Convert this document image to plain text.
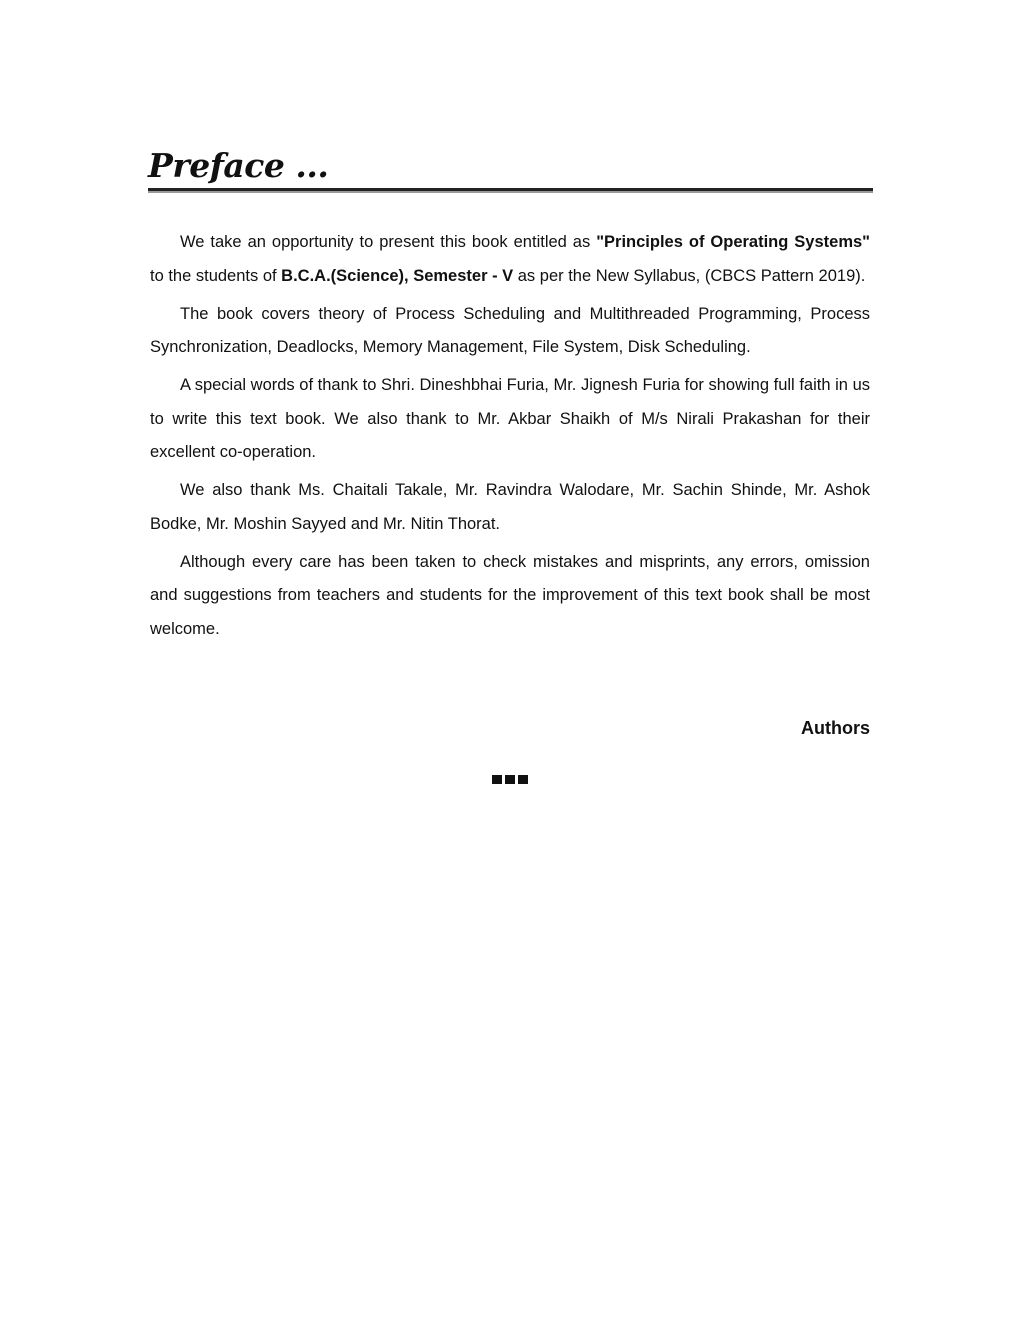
Preface ...

We take an opportunity to present this book entitled as "Principles of Operating Systems" to the students of B.C.A.(Science), Semester - V as per the New Syllabus, (CBCS Pattern 2019).

The book covers theory of Process Scheduling and Multithreaded Programming, Process Synchronization, Deadlocks, Memory Management, File System, Disk Scheduling.

A special words of thank to Shri. Dineshbhai Furia, Mr. Jignesh Furia for showing full faith in us to write this text book. We also thank to Mr. Akbar Shaikh of M/s Nirali Prakashan for their excellent co-operation.

We also thank Ms. Chaitali Takale, Mr. Ravindra Walodare, Mr. Sachin Shinde, Mr. Ashok Bodke, Mr. Moshin Sayyed and Mr. Nitin Thorat.

Although every care has been taken to check mistakes and misprints, any errors, omission and suggestions from teachers and students for the improvement of this text book shall be most welcome.

Authors
